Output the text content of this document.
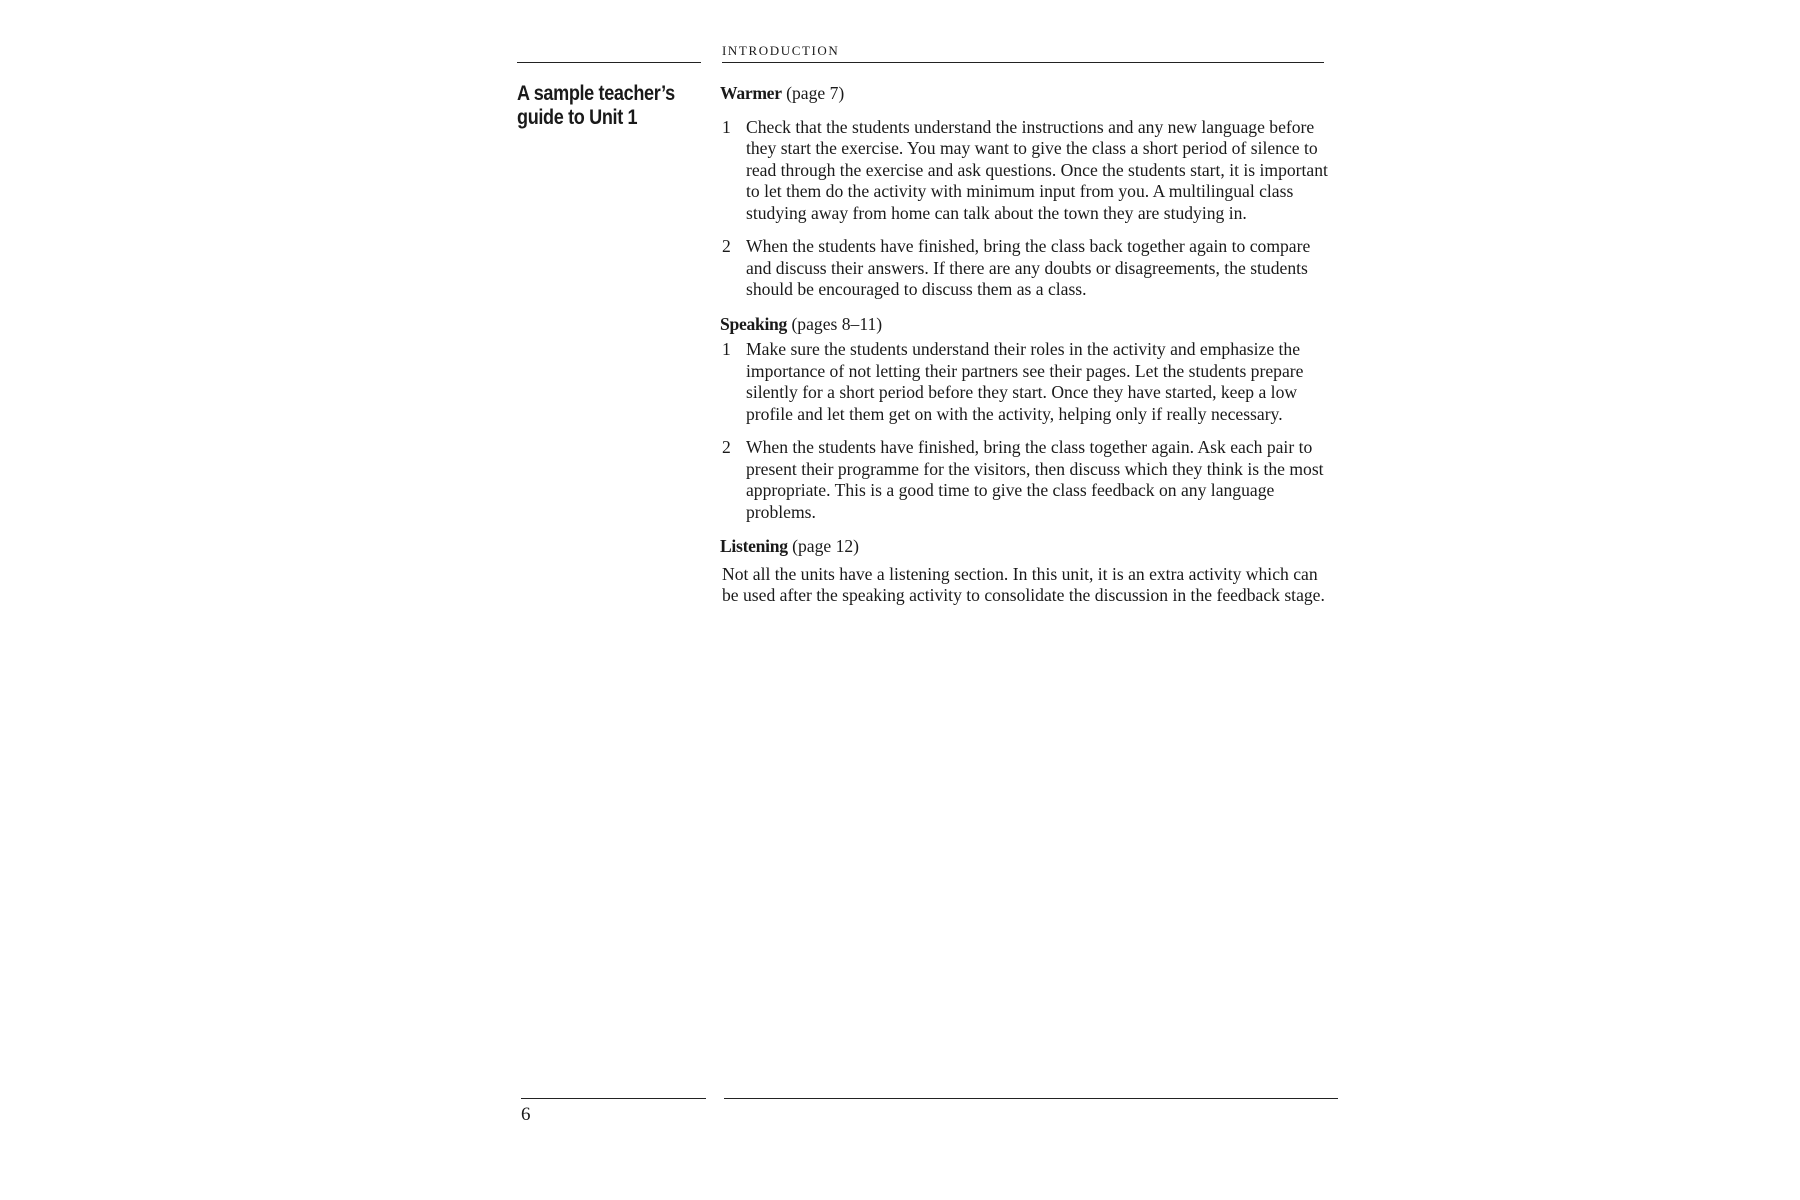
INTRODUCTION
A sample teacher’s guide to Unit 1
Warmer (page 7)
1 Check that the students understand the instructions and any new language before they start the exercise. You may want to give the class a short period of silence to read through the exercise and ask questions. Once the students start, it is important to let them do the activity with minimum input from you. A multilingual class studying away from home can talk about the town they are studying in.

2 When the students have finished, bring the class back together again to compare and discuss their answers. If there are any doubts or disagreements, the students should be encouraged to discuss them as a class.

Speaking (pages 8–11)
1 Make sure the students understand their roles in the activity and emphasize the importance of not letting their partners see their pages. Let the students prepare silently for a short period before they start. Once they have started, keep a low profile and let them get on with the activity, helping only if really necessary.

2 When the students have finished, bring the class together again. Ask each pair to present their programme for the visitors, then discuss which they think is the most appropriate. This is a good time to give the class feedback on any language problems.

Listening (page 12)

Not all the units have a listening section. In this unit, it is an extra activity which can be used after the speaking activity to consolidate the discussion in the feedback stage.

6
